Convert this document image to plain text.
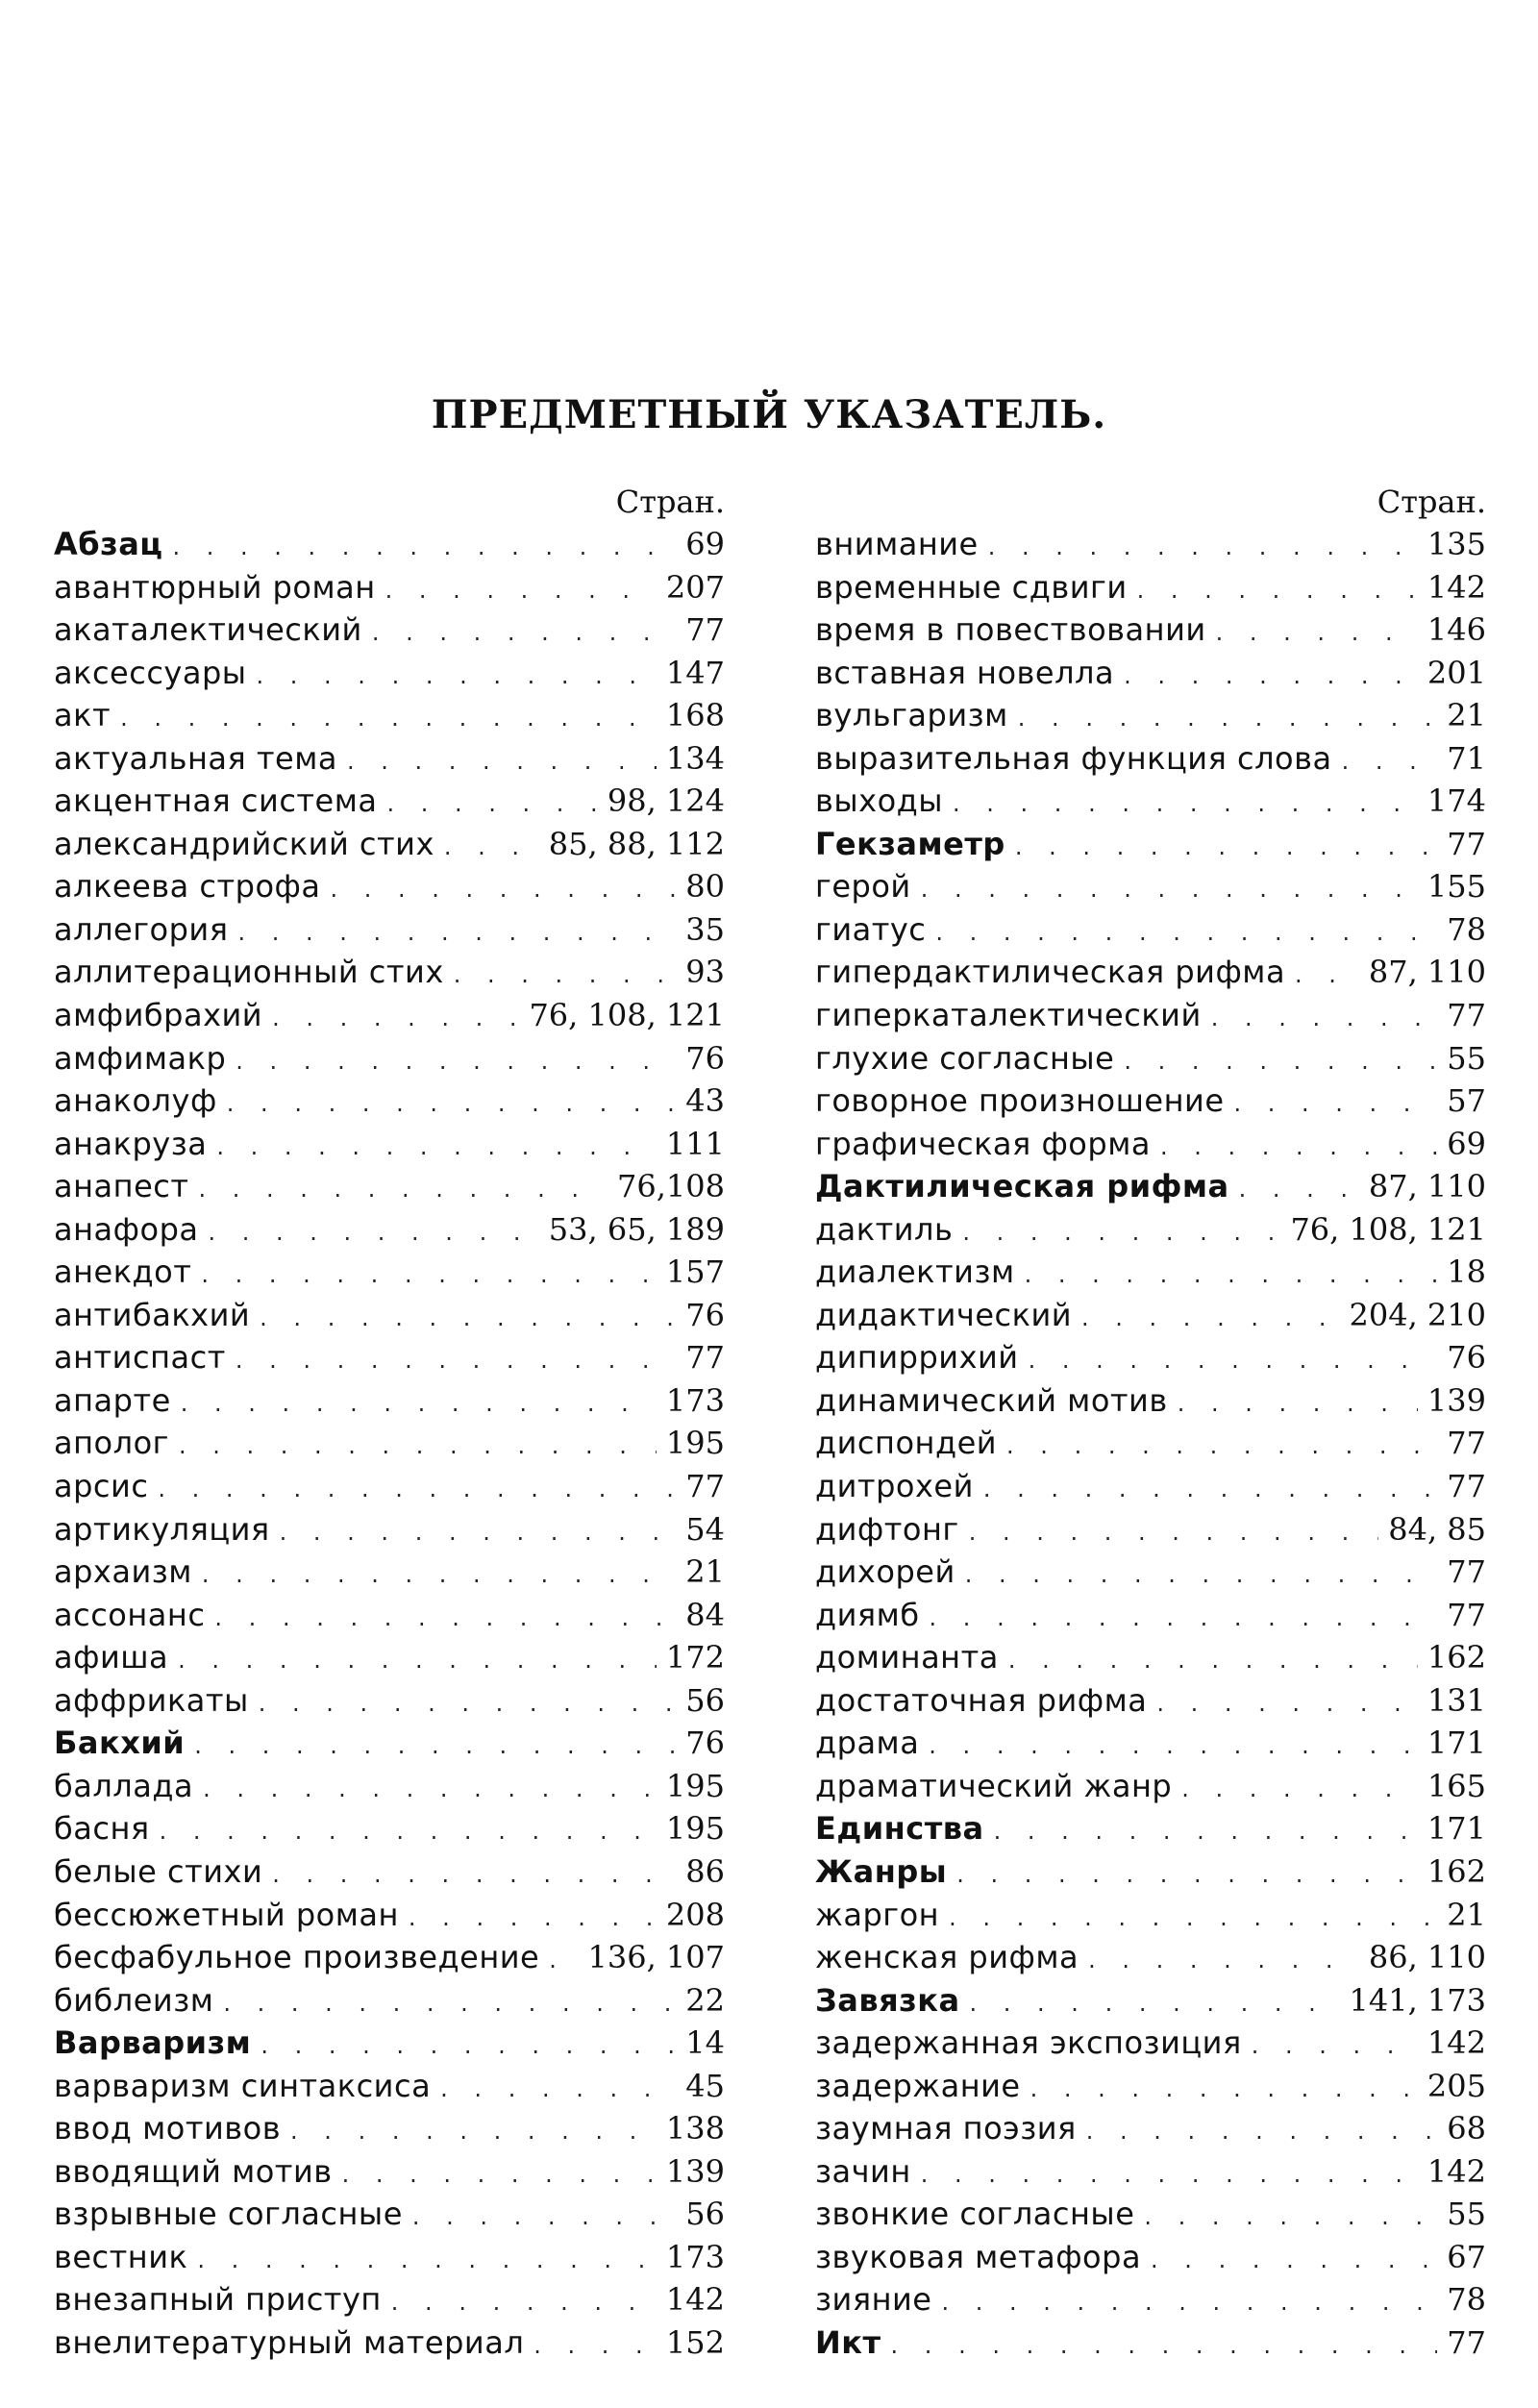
ПРЕДМЕТНЫЙ УКАЗАТЕЛЬ.
Стран.
Абзац . . .	69
авантюрный роман . . .	207
акаталектический . . .	77
аксессуары . . .	147
акт . . .	168
актуальная тема . . .	134
акцентная система . . .	98, 124
александрийский стих . . .	85, 88, 112
алкеева строфа . . .	80
аллегория . . .	35
аллитерационный стих . . .	93
амфибрахий . . .	76, 108, 121
амфимакр . . .	76
анаколуф . . .	43
анакруза . . .	111
анапест . . .	76,108
анафора . . .	53, 65, 189
анекдот . . .	157
антибакхий . . .	76
антиспаст . . .	77
апарте . . .	173
аполог . . .	195
арсис . . .	77
артикуляция . . .	54
архаизм . . .	21
ассонанс . . .	84
афиша . . .	172
аффрикаты . . .	56
Бакхий . . .	76
баллада . . .	195
басня . . .	195
белые стихи . . .	86
бессюжетный роман . . .	208
бесфабульное произведение . . . 136, 107
библеизм . . .	22
Варваризм . . .	14
варваризм синтаксиса . . .	45
ввод мотивов . . .	138
вводящий мотив . . .	139
взрывные согласные . . .	56
вестник . . .	173
внезапный приступ . . .	142
внелитературный материал . . .	152
Стран.
внимание . . .	135
временные сдвиги . . .	142
время в повествовании . . .	146
вставная новелла . . .	201
вульгаризм . . .	21
выразительная функция слова . . .	71
выходы . . .	174
Гекзаметр . . .	77
герой . . .	155
гиатус . . .	78
гипердактилическая рифма . . .	87, 110
гиперкаталектический . . .	77
глухие согласные . . .	55
говорное произношение . . .	57
графическая форма . . .	69
Дактилическая рифма . . .	87, 110
дактиль . . .	76, 108, 121
диалектизм . . .	18
дидактический . . .	204, 210
дипиррихий . . .	76
динамический мотив . . .	139
диспондей . . .	77
дитрохей . . .	77
дифтонг . . .	84, 85
дихорей . . .	77
диямб . . .	77
доминанта . . .	162
достаточная рифма . . .	131
драма . . .	171
драматический жанр . . .	165
Единства . . .	171
Жанры . . .	162
жаргон . . .	21
женская рифма . . .	86, 110
Завязка . . .	141, 173
задержанная экспозиция . . .	142
задержание . . .	205
заумная поэзия . . .	68
зачин . . .	142
звонкие согласные . . .	55
звуковая метафора . . .	67
зияние . . .	78
Икт . . .	77
